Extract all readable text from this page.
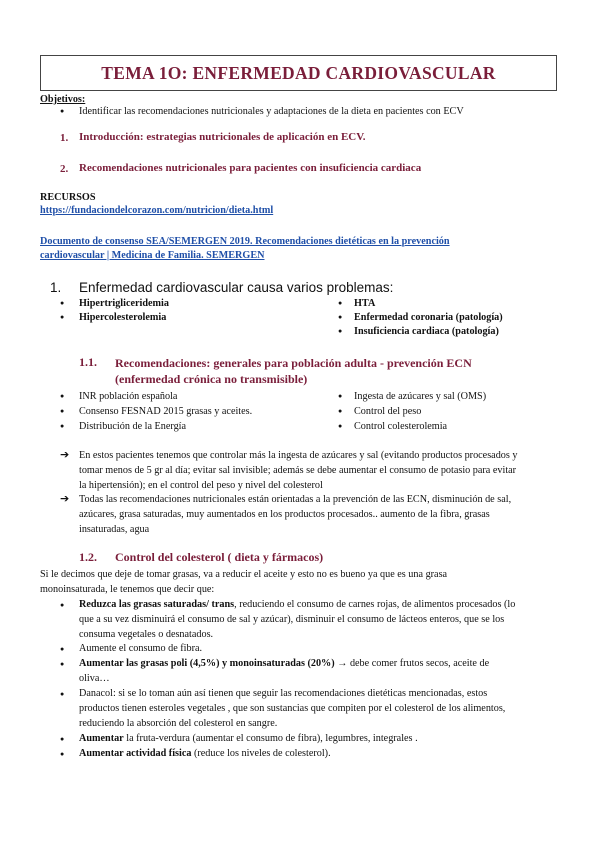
TEMA 1O: ENFERMEDAD CARDIOVASCULAR
Objetivos:
● Identificar las recomendaciones nutricionales y adaptaciones de la dieta en pacientes con ECV
1. Introducción: estrategias nutricionales de aplicación en ECV.
2. Recomendaciones nutricionales para pacientes con insuficiencia cardiaca
RECURSOS
https://fundaciondelcorazon.com/nutricion/dieta.html
Documento de consenso SEA/SEMERGEN 2019. Recomendaciones dietéticas en la prevención
cardiovascular | Medicina de Familia. SEMERGEN
1. Enfermedad cardiovascular causa varios problemas:
● Hipertrigliceridemia
● Hipercolesterolemia
● HTA
● Enfermedad coronaria (patología)
● Insuficiencia cardiaca (patología)
1.1. Recomendaciones: generales para población adulta - prevención ECN
(enfermedad crónica no transmisible)
● INR población española
● Consenso FESNAD 2015 grasas y aceites.
● Distribución de la Energía
● Ingesta de azúcares y sal (OMS)
● Control del peso
● Control colesterolemia
➔ En estos pacientes tenemos que controlar más la ingesta de azúcares y sal (evitando productos procesados y
tomar menos de 5 gr al día; evitar sal invisible; además se debe aumentar el consumo de potasio para evitar
la hipertensión); en el control del peso y nivel del colesterol
➔ Todas las recomendaciones nutricionales están orientadas a la prevención de las ECN, disminución de sal,
azúcares, grasa saturadas, muy aumentados en los productos procesados.. aumento de la fibra, grasas
insaturadas, agua
1.2. Control del colesterol ( dieta y fármacos)
Si le decimos que deje de tomar grasas, va a reducir el aceite y esto no es bueno ya que es una grasa
monoinsaturada, le tenemos que decir que:
● Reduzca las grasas saturadas/ trans, reduciendo el consumo de carnes rojas, de alimentos procesados (lo
que a su vez disminuirá el consumo de sal y azúcar), disminuir el consumo de lácteos enteros, que se los
consuma vegetales o desnatados.
● Aumente el consumo de fibra.
● Aumentar las grasas poli (4,5%) y monoinsaturadas (20%) → debe comer frutos secos, aceite de
oliva…
● Danacol: si se lo toman aún así tienen que seguir las recomendaciones dietéticas mencionadas, estos
productos tienen esteroles vegetales , que son sustancias que compiten por el colesterol de los alimentos,
reduciendo la absorción del colesterol en sangre.
● Aumentar la fruta-verdura (aumentar el consumo de fibra), legumbres, integrales .
● Aumentar actividad física (reduce los niveles de colesterol).
